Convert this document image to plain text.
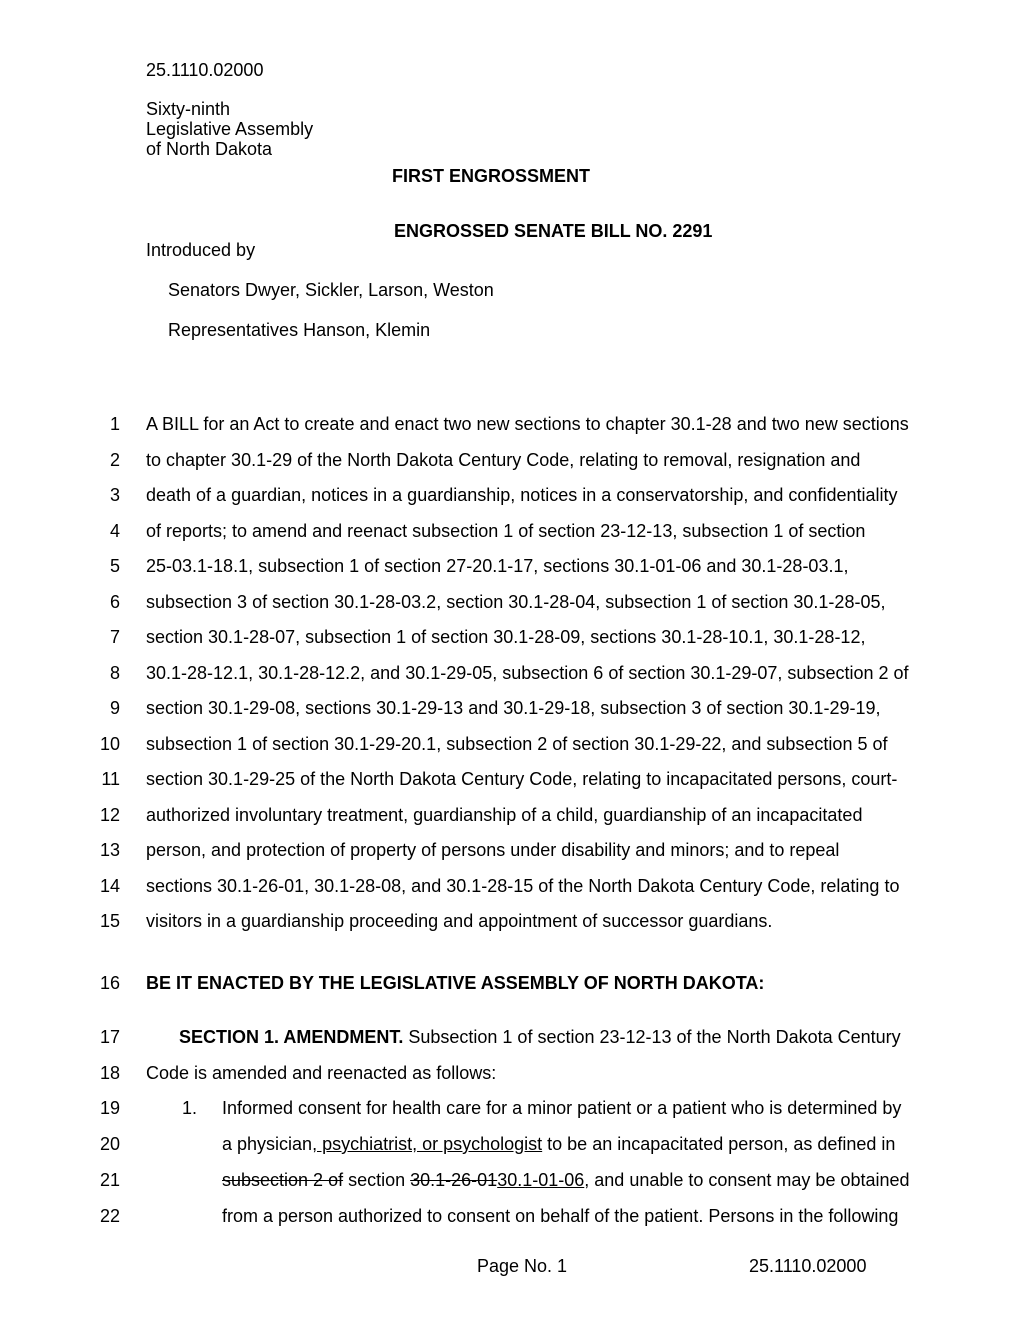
25.1110.02000
Sixty-ninth
Legislative Assembly
of North Dakota
FIRST ENGROSSMENT
ENGROSSED SENATE BILL NO. 2291
Introduced by
Senators Dwyer, Sickler, Larson, Weston
Representatives Hanson, Klemin
1 A BILL for an Act to create and enact two new sections to chapter 30.1-28 and two new sections
2 to chapter 30.1-29 of the North Dakota Century Code, relating to removal, resignation and
3 death of a guardian, notices in a guardianship, notices in a conservatorship, and confidentiality
4 of reports; to amend and reenact subsection 1 of section 23-12-13, subsection 1 of section
5 25-03.1-18.1, subsection 1 of section 27-20.1-17, sections 30.1-01-06 and 30.1-28-03.1,
6 subsection 3 of section 30.1-28-03.2, section 30.1-28-04, subsection 1 of section 30.1-28-05,
7 section 30.1-28-07, subsection 1 of section 30.1-28-09, sections 30.1-28-10.1, 30.1-28-12,
8 30.1-28-12.1, 30.1-28-12.2, and 30.1-29-05, subsection 6 of section 30.1-29-07, subsection 2 of
9 section 30.1-29-08, sections 30.1-29-13 and 30.1-29-18, subsection 3 of section 30.1-29-19,
10 subsection 1 of section 30.1-29-20.1, subsection 2 of section 30.1-29-22, and subsection 5 of
11 section 30.1-29-25 of the North Dakota Century Code, relating to incapacitated persons, court-
12 authorized involuntary treatment, guardianship of a child, guardianship of an incapacitated
13 person, and protection of property of persons under disability and minors; and to repeal
14 sections 30.1-26-01, 30.1-28-08, and 30.1-28-15 of the North Dakota Century Code, relating to
15 visitors in a guardianship proceeding and appointment of successor guardians.
16 BE IT ENACTED BY THE LEGISLATIVE ASSEMBLY OF NORTH DAKOTA:
17	SECTION 1. AMENDMENT. Subsection 1 of section 23-12-13 of the North Dakota Century
18 Code is amended and reenacted as follows:
19	1. Informed consent for health care for a minor patient or a patient who is determined by
20	a physician, psychiatrist, or psychologist to be an incapacitated person, as defined in
21	subsection 2 of section 30.1-26-0130.1-01-06, and unable to consent may be obtained
22	from a person authorized to consent on behalf of the patient. Persons in the following
Page No. 1	25.1110.02000
